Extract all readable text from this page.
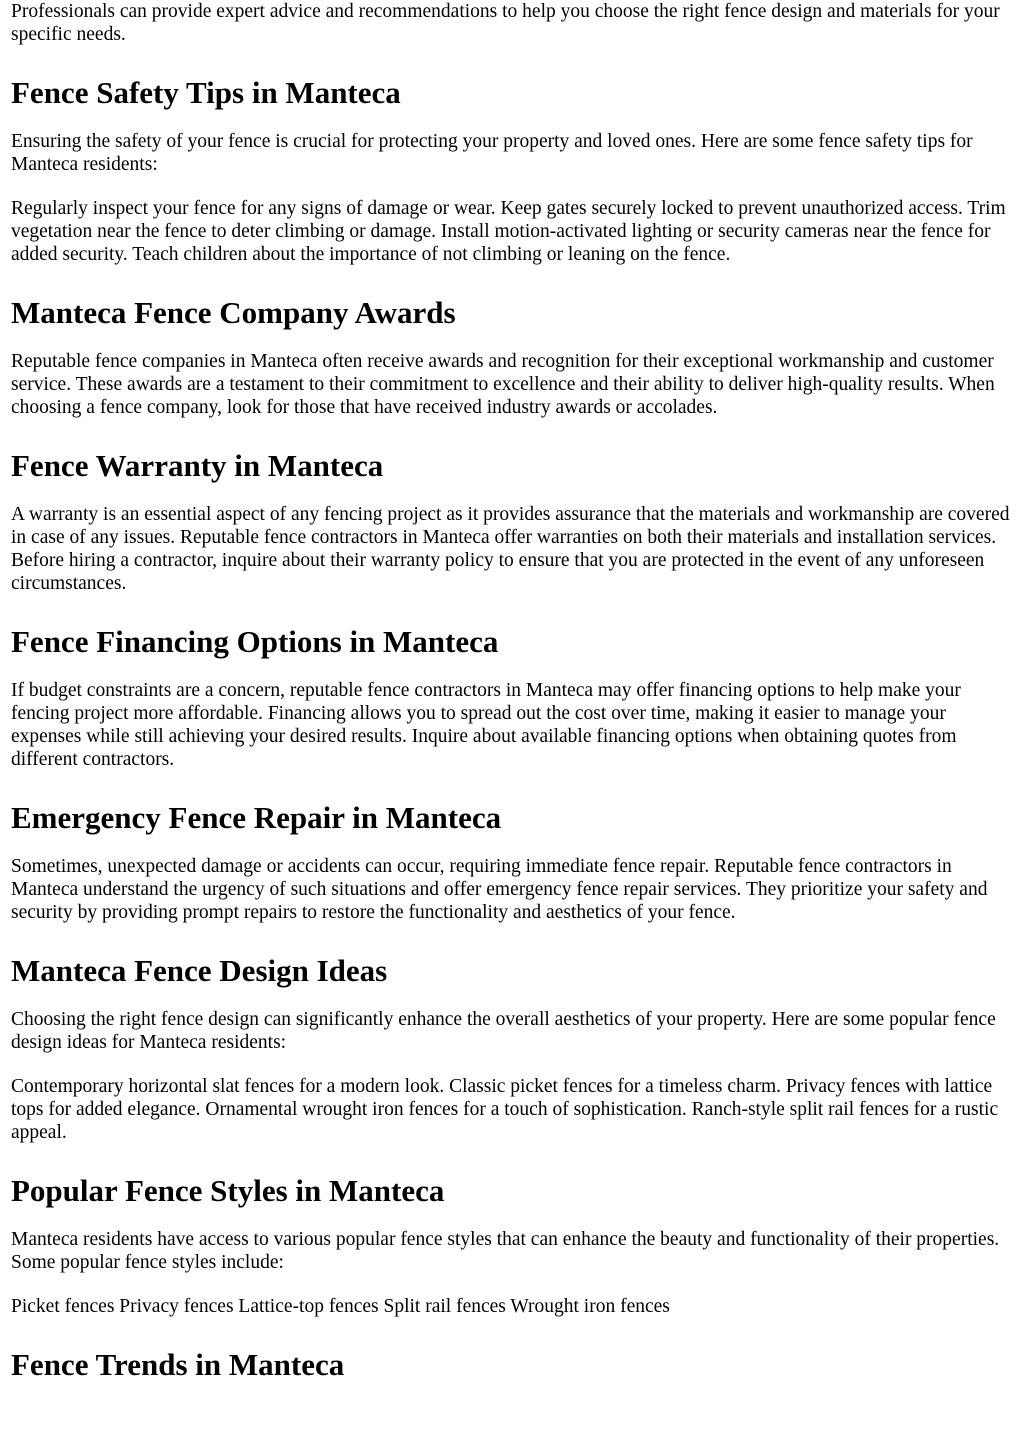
Professionals can provide expert advice and recommendations to help you choose the right fence design and materials for your specific needs.

Fence Safety Tips in Manteca

Ensuring the safety of your fence is crucial for protecting your property and loved ones. Here are some fence safety tips for Manteca residents:

Regularly inspect your fence for any signs of damage or wear. Keep gates securely locked to prevent unauthorized access. Trim vegetation near the fence to deter climbing or damage. Install motion-activated lighting or security cameras near the fence for added security. Teach children about the importance of not climbing or leaning on the fence.

Manteca Fence Company Awards

Reputable fence companies in Manteca often receive awards and recognition for their exceptional workmanship and customer service. These awards are a testament to their commitment to excellence and their ability to deliver high-quality results. When choosing a fence company, look for those that have received industry awards or accolades.

Fence Warranty in Manteca

A warranty is an essential aspect of any fencing project as it provides assurance that the materials and workmanship are covered in case of any issues. Reputable fence contractors in Manteca offer warranties on both their materials and installation services. Before hiring a contractor, inquire about their warranty policy to ensure that you are protected in the event of any unforeseen circumstances.

Fence Financing Options in Manteca

If budget constraints are a concern, reputable fence contractors in Manteca may offer financing options to help make your fencing project more affordable. Financing allows you to spread out the cost over time, making it easier to manage your expenses while still achieving your desired results. Inquire about available financing options when obtaining quotes from different contractors.

Emergency Fence Repair in Manteca

Sometimes, unexpected damage or accidents can occur, requiring immediate fence repair. Reputable fence contractors in Manteca understand the urgency of such situations and offer emergency fence repair services. They prioritize your safety and security by providing prompt repairs to restore the functionality and aesthetics of your fence.

Manteca Fence Design Ideas

Choosing the right fence design can significantly enhance the overall aesthetics of your property. Here are some popular fence design ideas for Manteca residents:

Contemporary horizontal slat fences for a modern look. Classic picket fences for a timeless charm. Privacy fences with lattice tops for added elegance. Ornamental wrought iron fences for a touch of sophistication. Ranch-style split rail fences for a rustic appeal.

Popular Fence Styles in Manteca

Manteca residents have access to various popular fence styles that can enhance the beauty and functionality of their properties. Some popular fence styles include:

Picket fences Privacy fences Lattice-top fences Split rail fences Wrought iron fences

Fence Trends in Manteca
